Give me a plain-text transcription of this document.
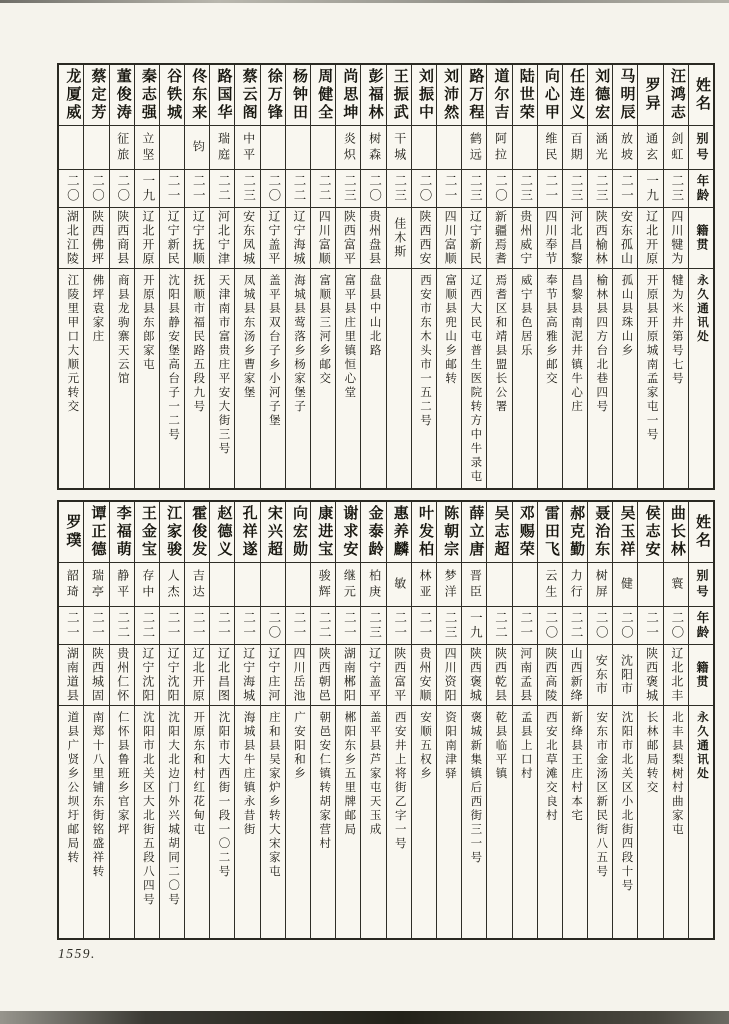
姓名
别号
年龄
籍贯
永久通讯处
汪鸿志
剑虹
二三
四川犍为
犍为米井第号七号
罗异
通玄
一九
辽北开原
开原县开原城南孟家屯一号
马明辰
放坡
二一
安东孤山
孤山县珠山乡
刘德宏
涵光
二三
陕西榆林
榆林县四方台北巷四号
任连义
百期
二三
河北昌黎
昌黎县南泥井镇牛心庄
向心甲
维民
二一
四川奉节
奉节县高雅乡邮交
陆世荣
二三
贵州威宁
威宁县色居乐
道尔吉
阿拉
二〇
新疆焉耆
焉耆区和靖县盟长公署
路万程
鹤远
二三
辽宁新民
辽西大民屯普生医院转方中牛录屯
刘沛然
二一
四川富顺
富顺县兜山乡邮转
刘振中
二〇
陕西西安
西安市东木头市一五二号
王振武
干城
二三
佳木斯
彭福林
树森
二〇
贵州盘县
盘县中山北路
尚思坤
炎炽
二三
陕西富平
富平县庄里镇恒心堂
周健全
二二
四川富顺
富顺县三河乡邮交
杨钟田
二二
辽宁海城
海城县莺落乡杨家堡子
徐万锋
二〇
辽宁盖平
盖平县双台子乡小河子堡
蔡云阁
中平
二三
安东凤城
凤城县东汤乡曹家堡
路国华
瑞庭
二二
河北宁津
天津南市富贵庄平安大街三号
佟东来
钧
二一
辽宁抚顺
抚顺市福民路五段九号
谷铁城
二一
辽宁新民
沈阳县静安堡高台子一二号
秦志强
立坚
一九
辽北开原
开原县东郎家屯
董俊涛
征旅
二〇
陕西商县
商县龙驹寨天云馆
蔡定芳
二〇
陕西佛坪
佛坪袁家庄
龙厦威
二〇
湖北江陵
江陵里甲口大顺元转交
姓名
别号
年龄
籍贯
永久通讯处
曲长林
寰
二〇
辽北北丰
北丰县梨树村曲家屯
侯志安
二一
陕西褒城
长林邮局转交
吴玉祥
健
二〇
沈阳市
沈阳市北关区小北街四段十号
聂治东
树屏
二〇
安东市
安东市金汤区新民街八五号
郝克勤
力行
二二
山西新绛
新绛县王庄村本宅
雷田飞
云生
二〇
陕西高陵
西安北草滩交良村
邓赐荣
二一
河南孟县
孟县上口村
吴志超
二二
陕西乾县
乾县临平镇
薛立唐
晋臣
一九
陕西褒城
褒城新集镇后西街三一号
陈朝宗
梦洋
二三
四川资阳
资阳南津驿
叶发柏
林亚
二一
贵州安顺
安顺五权乡
惠养麟
敏
二一
陕西富平
西安井上将街乙字一号
金泰龄
柏庚
二三
辽宁盖平
盖平县芦家屯天玉成
谢求安
继元
二一
湖南郴阳
郴阳东乡五里牌邮局
康进宝
骏辉
二二
陕西朝邑
朝邑安仁镇转胡家营村
向宏勋
二一
四川岳池
广安阳和乡
宋兴超
二〇
辽宁庄河
庄和县吴家炉乡转大宋家屯
孔祥遂
二一
辽宁海城
海城县牛庄镇永昔街
赵德义
二一
辽北昌图
沈阳市大西街一段一〇二号
霍俊发
吉达
二一
辽北开原
开原东和村红花甸屯
江家骏
人杰
二一
辽宁沈阳
沈阳大北边门外兴城胡同二〇号
王金宝
存中
二二
辽宁沈阳
沈阳市北关区大北街五段八四号
李福萌
静平
二二
贵州仁怀
仁怀县鲁班乡官家坪
谭正德
瑞亭
二一
陕西城固
南郑十八里铺东街铭盛祥转
罗璞
韶琦
二一
湖南道县
道县广贤乡公坝圩邮局转
1559.
